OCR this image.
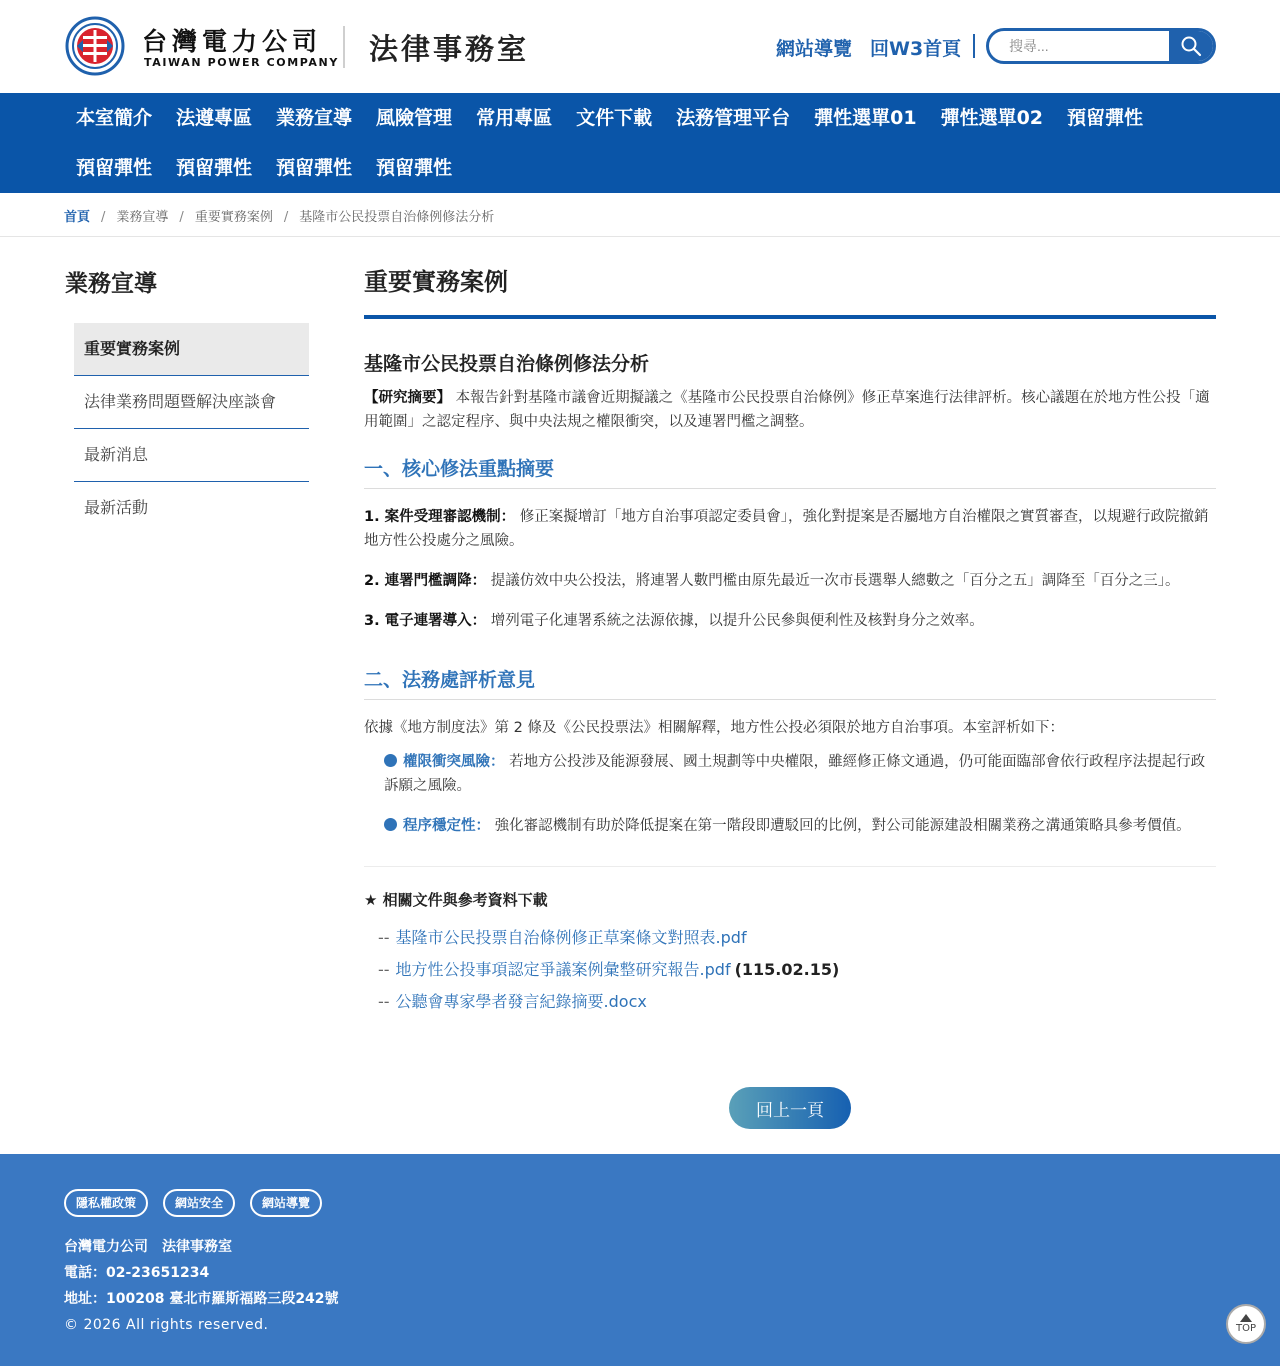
台灣電力公司
TAIWAN POWER COMPANY 法律事務室	網站導覽 回W3首頁
搜尋...
本室簡介	法遵專區	業務宣導	風險管理	常用專區	文件下載	法務管理平台	彈性選單01	彈性選單02	預留彈性
預留彈性	預留彈性	預留彈性	預留彈性
首頁 / 業務宣導 / 重要實務案例 / 基隆市公民投票自治條例修法分析
業務宣導
重要實務案例
法律業務問題暨解決座談會
最新消息
最新活動
重要實務案例
基隆市公民投票自治條例修法分析
【研究摘要】 本報告針對基隆市議會近期擬議之《基隆市公民投票自治條例》修正草案進行法律評析。核心議題在於地方性公投「適用範圍」之認定程序、與中央法規之權限衝突，以及連署門檻之調整。
一、核心修法重點摘要
1. 案件受理審認機制： 修正案擬增訂「地方自治事項認定委員會」，強化對提案是否屬地方自治權限之實質審查，以規避行政院撤銷地方性公投處分之風險。
2. 連署門檻調降： 提議仿效中央公投法，將連署人數門檻由原先最近一次市長選舉人總數之「百分之五」調降至「百分之三」。
3. 電子連署導入： 增列電子化連署系統之法源依據，以提升公民參與便利性及核對身分之效率。
二、法務處評析意見
依據《地方制度法》第 2 條及《公民投票法》相關解釋，地方性公投必須限於地方自治事項。本室評析如下：
權限衝突風險： 若地方公投涉及能源發展、國土規劃等中央權限，雖經修正條文通過，仍可能面臨部會依行政程序法提起行政訴願之風險。
程序穩定性： 強化審認機制有助於降低提案在第一階段即遭駁回的比例，對公司能源建設相關業務之溝通策略具參考價值。
★ 相關文件與參考資料下載
-- 基隆市公民投票自治條例修正草案條文對照表.pdf
-- 地方性公投事項認定爭議案例彙整研究報告.pdf (115.02.15)
-- 公聽會專家學者發言紀錄摘要.docx
回上一頁
隱私權政策	網站安全	網站導覽
台灣電力公司　法律事務室
電話：02-23651234
地址：100208 臺北市羅斯福路三段242號
© 2026 All rights reserved.	TOP
